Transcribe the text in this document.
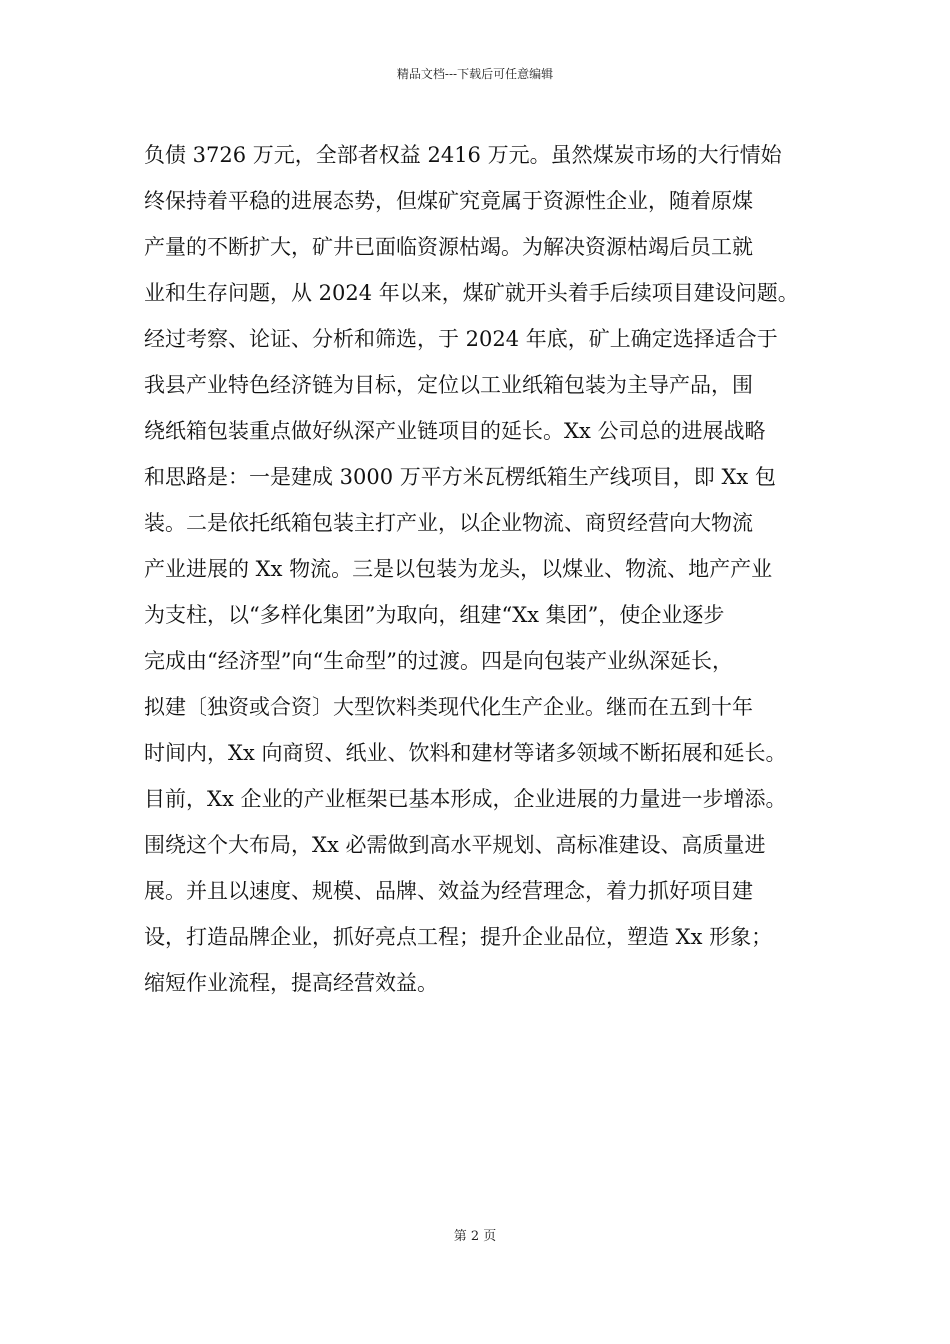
精品文档---下载后可任意编辑
负债 3726 万元，全部者权益 2416 万元。虽然煤炭市场的大行情始
终保持着平稳的进展态势，但煤矿究竟属于资源性企业，随着原煤
产量的不断扩大，矿井已面临资源枯竭。为解决资源枯竭后员工就
业和生存问题，从 2024 年以来，煤矿就开头着手后续项目建设问题。
经过考察、论证、分析和筛选，于 2024 年底，矿上确定选择适合于
我县产业特色经济链为目标，定位以工业纸箱包装为主导产品，围
绕纸箱包装重点做好纵深产业链项目的延长。Xx 公司总的进展战略
和思路是：一是建成 3000 万平方米瓦楞纸箱生产线项目，即 Xx 包
装。二是依托纸箱包装主打产业，以企业物流、商贸经营向大物流
产业进展的 Xx 物流。三是以包装为龙头，以煤业、物流、地产产业
为支柱，以“多样化集团”为取向，组建“Xx 集团”，使企业逐步
完成由“经济型”向“生命型”的过渡。四是向包装产业纵深延长，
拟建〔独资或合资〕大型饮料类现代化生产企业。继而在五到十年
时间内，Xx 向商贸、纸业、饮料和建材等诸多领域不断拓展和延长。
目前，Xx 企业的产业框架已基本形成，企业进展的力量进一步增添。
围绕这个大布局，Xx 必需做到高水平规划、高标准建设、高质量进
展。并且以速度、规模、品牌、效益为经营理念，着力抓好项目建
设，打造品牌企业，抓好亮点工程；提升企业品位，塑造 Xx 形象；
缩短作业流程，提高经营效益。
第 2 页
